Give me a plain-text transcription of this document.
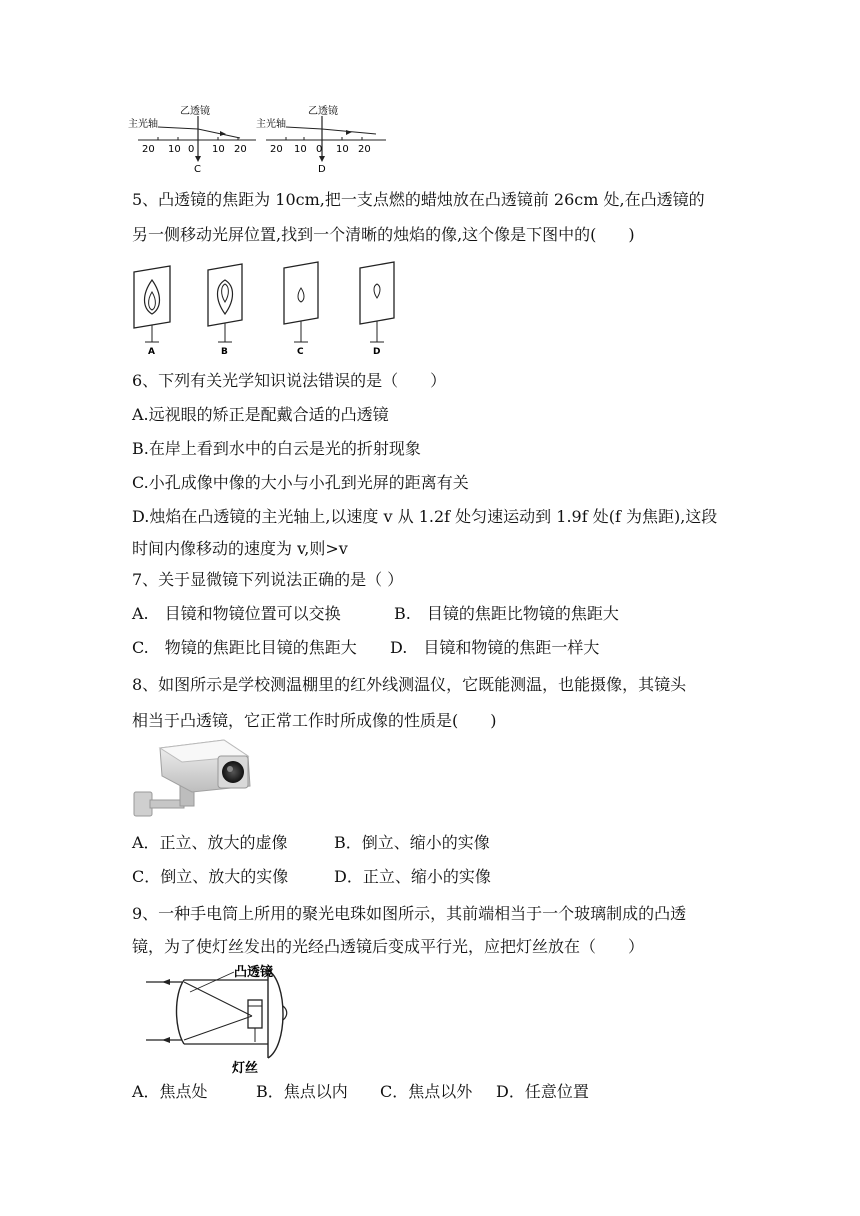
乙透镜
主光轴
20 10 0 10 20
C
乙透镜
主光轴
20 10 0 10 20
D
5、凸透镜的焦距为 10cm,把一支点燃的蜡烛放在凸透镜前 26cm 处,在凸透镜的
另一侧移动光屏位置,找到一个清晰的烛焰的像,这个像是下图中的(　　)
A	B	C	D
6、下列有关光学知识说法错误的是（　　）
A.远视眼的矫正是配戴合适的凸透镜
B.在岸上看到水中的白云是光的折射现象
C.小孔成像中像的大小与小孔到光屏的距离有关
D.烛焰在凸透镜的主光轴上,以速度 v 从 1.2f 处匀速运动到 1.9f 处(f 为焦距),这段
时间内像移动的速度为 v,则>v
7、关于显微镜下列说法正确的是（ ）
A.　目镜和物镜位置可以交换	B.　目镜的焦距比物镜的焦距大
C.　物镜的焦距比目镜的焦距大 D.　目镜和物镜的焦距一样大
8、如图所示是学校测温棚里的红外线测温仪，它既能测温，也能摄像，其镜头
相当于凸透镜，它正常工作时所成像的性质是(　　)
A．正立、放大的虚像	B．倒立、缩小的实像
C．倒立、放大的实像	D．正立、缩小的实像
9、一种手电筒上所用的聚光电珠如图所示，其前端相当于一个玻璃制成的凸透
镜，为了使灯丝发出的光经凸透镜后变成平行光，应把灯丝放在（　　）
凸透镜
灯丝
A．焦点处	B．焦点以内 C．焦点以外 D．任意位置
